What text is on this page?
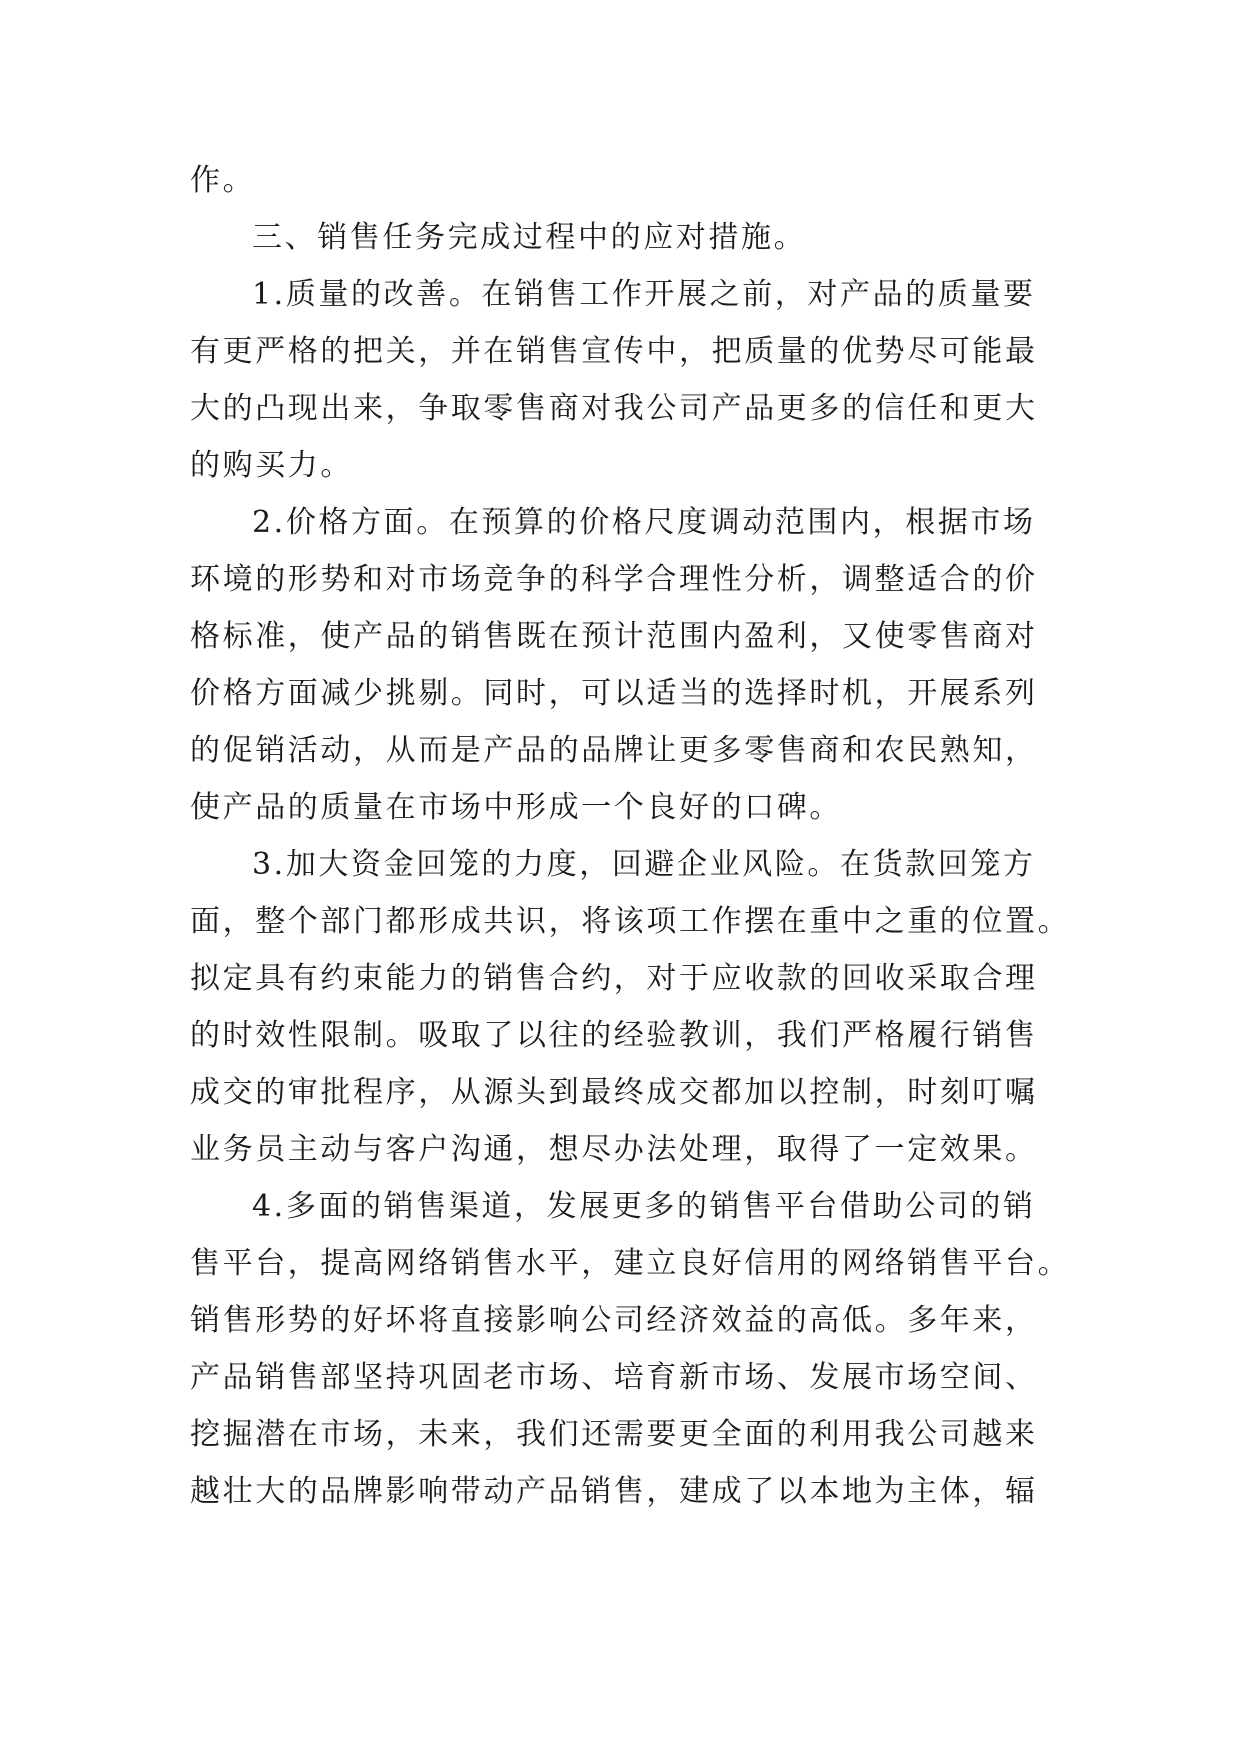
作。
三、销售任务完成过程中的应对措施。
1.质量的改善。在销售工作开展之前，对产品的质量要
有更严格的把关，并在销售宣传中，把质量的优势尽可能最
大的凸现出来，争取零售商对我公司产品更多的信任和更大
的购买力。
2.价格方面。在预算的价格尺度调动范围内，根据市场
环境的形势和对市场竞争的科学合理性分析，调整适合的价
格标准，使产品的销售既在预计范围内盈利，又使零售商对
价格方面减少挑剔。同时，可以适当的选择时机，开展系列
的促销活动，从而是产品的品牌让更多零售商和农民熟知，
使产品的质量在市场中形成一个良好的口碑。
3.加大资金回笼的力度，回避企业风险。在货款回笼方
面，整个部门都形成共识，将该项工作摆在重中之重的位置。
拟定具有约束能力的销售合约，对于应收款的回收采取合理
的时效性限制。吸取了以往的经验教训，我们严格履行销售
成交的审批程序，从源头到最终成交都加以控制，时刻叮嘱
业务员主动与客户沟通，想尽办法处理，取得了一定效果。
4.多面的销售渠道，发展更多的销售平台借助公司的销
售平台，提高网络销售水平，建立良好信用的网络销售平台。
销售形势的好坏将直接影响公司经济效益的高低。多年来，
产品销售部坚持巩固老市场、培育新市场、发展市场空间、
挖掘潜在市场，未来，我们还需要更全面的利用我公司越来
越壮大的品牌影响带动产品销售，建成了以本地为主体，辐
